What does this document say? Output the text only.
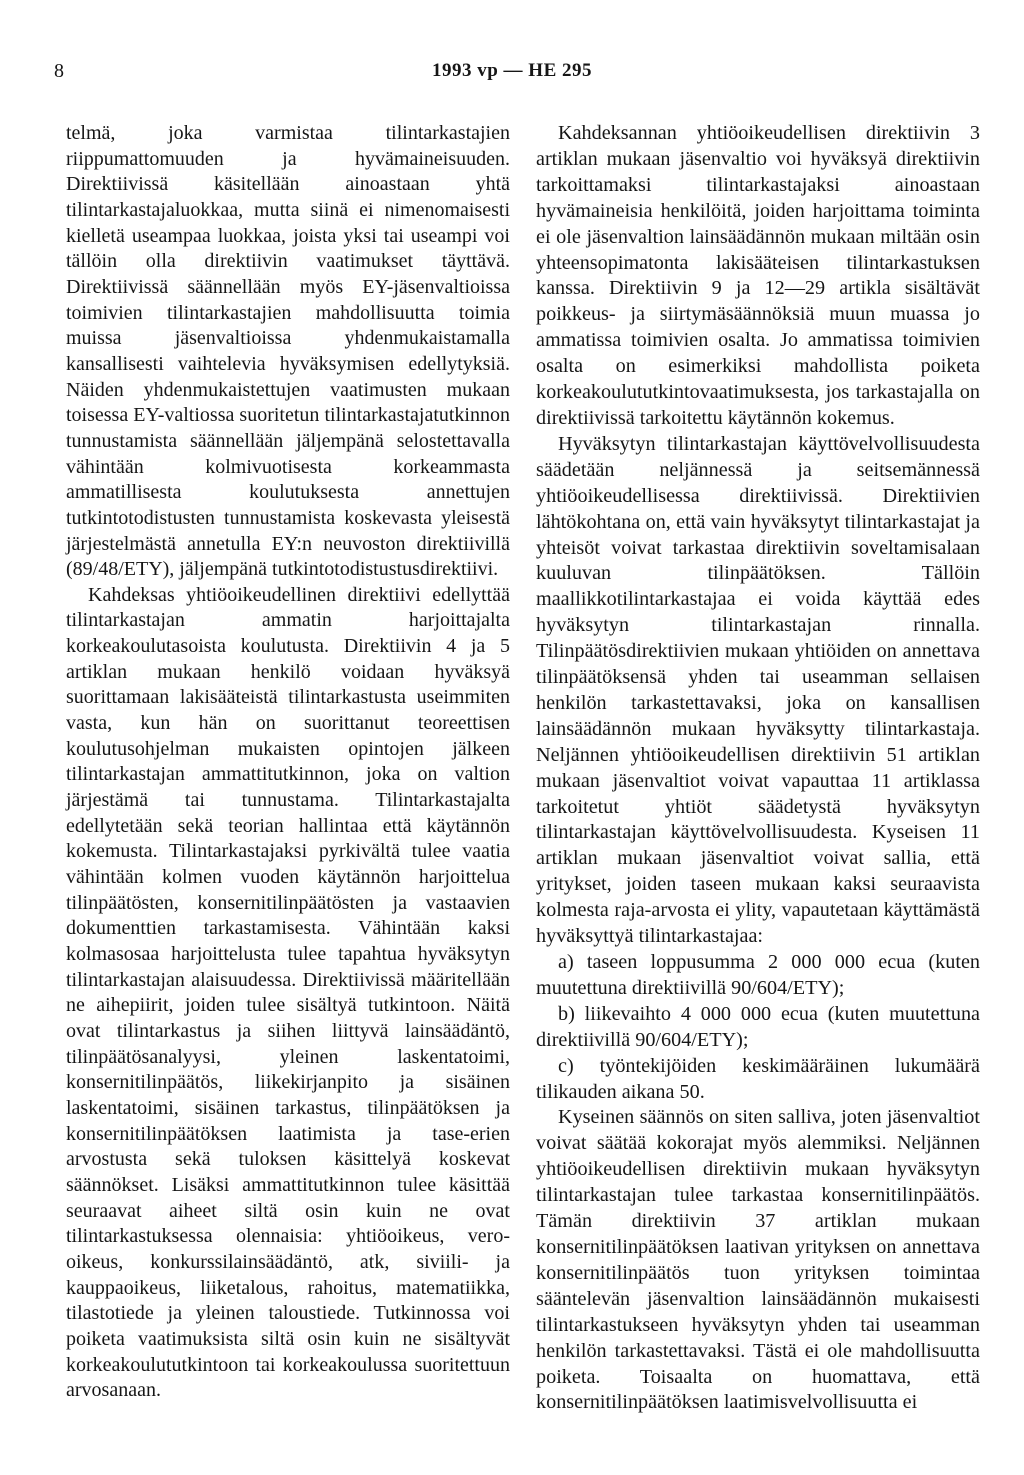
8	1993 vp — HE 295

telmä, joka varmistaa tilintarkastajien riippumattomuuden ja hyvämaineisuuden. Direktiivissä käsitellään ainoastaan yhtä tilintarkastajaluokkaa, mutta siinä ei nimenomaisesti kielletä useampaa luokkaa, joista yksi tai useampi voi tällöin olla direktiivin vaatimukset täyttävä. Direktiivissä säännellään myös EY-jäsenvaltioissa toimivien tilintarkastajien mahdollisuutta toimia muissa jäsenvaltioissa yhdenmukaistamalla kansallisesti vaihtelevia hyväksymisen edellytyksiä. Näiden yhdenmukaistettujen vaatimusten mukaan toisessa EY-valtiossa suoritetun tilintarkastajatutkinnon tunnustamista säännellään jäljempänä selostettavalla vähintään kolmivuotisesta korkeammasta ammatillisesta koulutuksesta annettujen tutkintotodistusten tunnustamista koskevasta yleisestä järjestelmästä annetulla EY:n neuvoston direktiivillä (89/48/ETY), jäljempänä tutkintotodistustusdirektiivi.

Kahdeksas yhtiöoikeudellinen direktiivi edellyttää tilintarkastajan ammatin harjoittajalta korkeakoulutasoista koulutusta. Direktiivin 4 ja 5 artiklan mukaan henkilö voidaan hyväksyä suorittamaan lakisääteistä tilintarkastusta useimmiten vasta, kun hän on suorittanut teoreettisen koulutusohjelman mukaisten opintojen jälkeen tilintarkastajan ammattitutkinnon, joka on valtion järjestämä tai tunnustama. Tilintarkastajalta edellytetään sekä teorian hallintaa että käytännön kokemusta. Tilintarkastajaksi pyrkivältä tulee vaatia vähintään kolmen vuoden käytännön harjoittelua tilinpäätösten, konsernitilinpäätösten ja vastaavien dokumenttien tarkastamisesta. Vähintään kaksi kolmasosaa harjoittelusta tulee tapahtua hyväksytyn tilintarkastajan alaisuudessa. Direktiivissä määritellään ne aihepiirit, joiden tulee sisältyä tutkintoon. Näitä ovat tilintarkastus ja siihen liittyvä lainsäädäntö, tilinpäätösanalyysi, yleinen laskentatoimi, konsernitilinpäätös, liikekirjanpito ja sisäinen laskentatoimi, sisäinen tarkastus, tilinpäätöksen ja konsernitilinpäätöksen laatimista ja tase-erien arvostusta sekä tuloksen käsittelyä koskevat säännökset. Lisäksi ammattitutkinnon tulee käsittää seuraavat aiheet siltä osin kuin ne ovat tilintarkastuksessa olennaisia: yhtiöoikeus, vero-oikeus, konkurssilainsäädäntö, atk, siviili- ja kauppaoikeus, liiketalous, rahoitus, matematiikka, tilastotiede ja yleinen taloustiede. Tutkinnossa voi poiketa vaatimuksista siltä osin kuin ne sisältyvät korkeakoulututkintoon tai korkeakoulussa suoritettuun arvosanaan.

Kahdeksannan yhtiöoikeudellisen direktiivin 3 artiklan mukaan jäsenvaltio voi hyväksyä direktiivin tarkoittamaksi tilintarkastajaksi ainoastaan hyvämaineisia henkilöitä, joiden harjoittama toiminta ei ole jäsenvaltion lainsäädännön mukaan miltään osin yhteensopimatonta lakisääteisen tilintarkastuksen kanssa. Direktiivin 9 ja 12—29 artikla sisältävät poikkeus- ja siirtymäsäännöksiä muun muassa jo ammatissa toimivien osalta. Jo ammatissa toimivien osalta on esimerkiksi mahdollista poiketa korkeakoulututkintovaatimuksesta, jos tarkastajalla on direktiivissä tarkoitettu käytännön kokemus.

Hyväksytyn tilintarkastajan käyttövelvollisuudesta säädetään neljännessä ja seitsemännessä yhtiöoikeudellisessa direktiivissä. Direktiivien lähtökohtana on, että vain hyväksytyt tilintarkastajat ja yhteisöt voivat tarkastaa direktiivin soveltamisalaan kuuluvan tilinpäätöksen. Tällöin maallikkotilintarkastajaa ei voida käyttää edes hyväksytyn tilintarkastajan rinnalla. Tilinpäätösdirektiivien mukaan yhtiöiden on annettava tilinpäätöksensä yhden tai useamman sellaisen henkilön tarkastettavaksi, joka on kansallisen lainsäädännön mukaan hyväksytty tilintarkastaja. Neljännen yhtiöoikeudellisen direktiivin 51 artiklan mukaan jäsenvaltiot voivat vapauttaa 11 artiklassa tarkoitetut yhtiöt säädetystä hyväksytyn tilintarkastajan käyttövelvollisuudesta. Kyseisen 11 artiklan mukaan jäsenvaltiot voivat sallia, että yritykset, joiden taseen mukaan kaksi seuraavista kolmesta raja-arvosta ei ylity, vapautetaan käyttämästä hyväksyttyä tilintarkastajaa:

a) taseen loppusumma 2 000 000 ecua (kuten muutettuna direktiivillä 90/604/ETY);

b) liikevaihto 4 000 000 ecua (kuten muutettuna direktiivillä 90/604/ETY);

c) työntekijöiden keskimääräinen lukumäärä tilikauden aikana 50.

Kyseinen säännös on siten salliva, joten jäsenvaltiot voivat säätää kokorajat myös alemmiksi. Neljännen yhtiöoikeudellisen direktiivin mukaan hyväksytyn tilintarkastajan tulee tarkastaa konsernitilinpäätös. Tämän direktiivin 37 artiklan mukaan konsernitilinpäätöksen laativan yrityksen on annettava konsernitilinpäätös tuon yrityksen toimintaa sääntelevän jäsenvaltion lainsäädännön mukaisesti tilintarkastukseen hyväksytyn yhden tai useamman henkilön tarkastettavaksi. Tästä ei ole mahdollisuutta poiketa. Toisaalta on huomattava, että konsernitilinpäätöksen laatimisvelvollisuutta ei
